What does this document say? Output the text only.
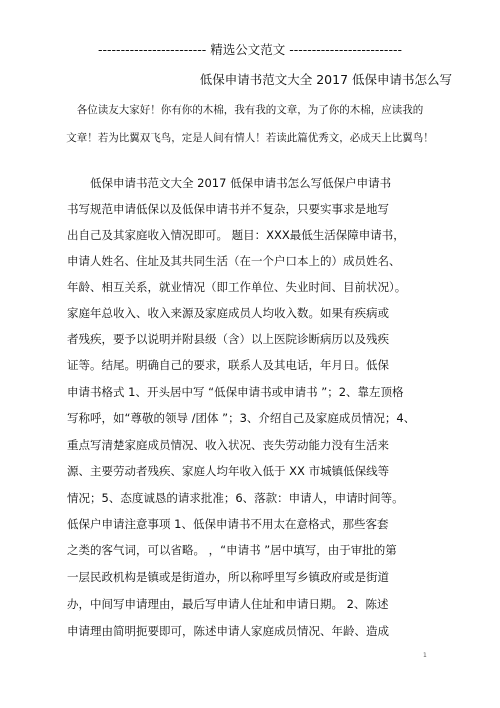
------------------------ 精选公文范文 -------------------------
低保申请书范文大全 2017 低保申请书怎么写
各位读友大家好！你有你的木棉，我有我的文章，为了你的木棉，应读我的
文章！若为比翼双飞鸟，定是人间有情人！若读此篇优秀文，必成天上比翼鸟！
　　低保申请书范文大全 2017 低保申请书怎么写低保户申请书
书写规范申请低保以及低保申请书并不复杂，只要实事求是地写
出自己及其家庭收入情况即可。 题目：XXX最低生活保障申请书，
申请人姓名、住址及其共同生活（在一个户口本上的）成员姓名、
年龄、相互关系，就业情况（即工作单位、失业时间、目前状况）。
家庭年总收入、收入来源及家庭成员人均收入数。如果有疾病或
者残疾，要予以说明并附县级（含）以上医院诊断病历以及残疾
证等。结尾。明确自己的要求，联系人及其电话，年月日。低保
申请书格式 1、开头居中写 “低保申请书或申请书 ”；2、靠左顶格
写称呼，如“尊敬的领导 /团体 ”；3、介绍自己及家庭成员情况；4、
重点写清楚家庭成员情况、收入状况、丧失劳动能力没有生活来
源、主要劳动者残疾、家庭人均年收入低于 XX 市城镇低保线等
情况；5、态度诚恳的请求批准；6、落款：申请人，申请时间等。
低保户申请注意事项 1、低保申请书不用太在意格式，那些客套
之类的客气词，可以省略。 ，“申请书 ”居中填写，由于审批的第
一层民政机构是镇或是街道办，所以称呼里写乡镇政府或是街道
办，中间写申请理由，最后写申请人住址和申请日期。 2、陈述
申请理由简明扼要即可，陈述申请人家庭成员情况、年龄、造成
1
